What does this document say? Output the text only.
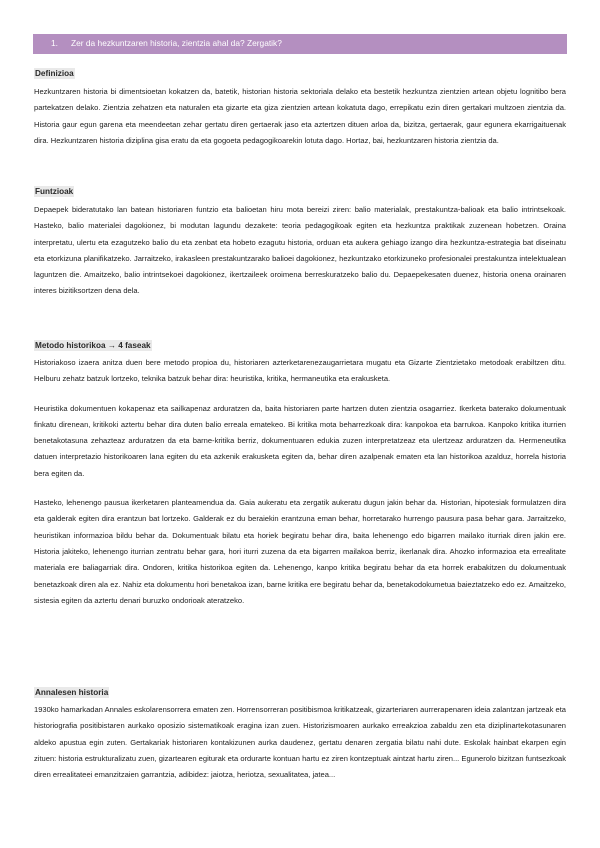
1. Zer da hezkuntzaren historia, zientzia ahal da? Zergatik?
Definizioa

Hezkuntzaren historia bi dimentsioetan kokatzen da, batetik, historian historia sektoriala delako eta bestetik hezkuntza zientzien artean objetu lognitibo bera partekatzen delako. Zientzia zehatzen eta naturalen eta gizarte eta giza zientzien artean kokatuta dago, errepikatu ezin diren gertakari multzoen zientzia da. Historia gaur egun garena eta meendeetan zehar gertatu diren gertaerak jaso eta aztertzen dituen arloa da, bizitza, gertaerak, gaur egunera ekarrigaituenak dira. Hezkuntzaren historia diziplina gisa eratu da eta gogoeta pedagogikoarekin lotuta dago. Hortaz, bai, hezkuntzaren historia zientzia da.

Funtzioak

Depaepek bideratutako lan batean historiaren funtzio eta balioetan hiru mota bereizi ziren: balio materialak, prestakuntza-balioak eta balio intrintsekoak. Hasteko, balio materialei dagokionez, bi modutan lagundu dezakete: teoria pedagogikoak egiten eta hezkuntza praktikak zuzenean hobetzen. Oraina interpretatu, ulertu eta ezagutzeko balio du eta zenbat eta hobeto ezagutu historia, orduan eta aukera gehiago izango dira hezkuntza-estrategia bat diseinatu eta etorkizuna planifikatzeko. Jarraitzeko, irakasleen prestakuntzarako balioei dagokionez, hezkuntzako etorkizuneko profesionalei prestakuntza intelektualean laguntzen die. Amaitzeko, balio intrintsekoei dagokionez, ikertzaileek oroimena berreskuratzeko balio du. Depaepekesaten duenez, historia onena orainaren interes bizitiksortzen dena dela.

Metodo historikoa → 4 faseak

Historiakoso izaera anitza duen bere metodo propioa du, historiaren azterketarenezaugarrietara mugatu eta Gizarte Zientzietako metodoak erabiltzen ditu. Helburu zehatz batzuk lortzeko, teknika batzuk behar dira: heuristika, kritika, hermaneutika eta erakusketa.

Heuristika dokumentuen kokapenaz eta sailkapenaz arduratzen da, baita historiaren parte hartzen duten zientzia osagarriez. Ikerketa baterako dokumentuak finkatu direnean, kritikoki aztertu behar dira duten balio erreala ematekeo. Bi kritika mota beharrezkoak dira: kanpokoa eta barrukoa. Kanpoko kritika iturrien benetakotasuna zehazteaz arduratzen da eta barne-kritika berriz, dokumentuaren edukia zuzen interpretatzeaz eta ulertzeaz arduratzen da. Hermeneutika datuen interpretazio historikoaren lana egiten du eta azkenik erakusketa egiten da, behar diren azalpenak ematen eta lan historikoa azalduz, horrela historia bera egiten da.

Hasteko, lehenengo pausua ikerketaren planteamendua da. Gaia aukeratu eta zergatik aukeratu dugun jakin behar da. Historian, hipotesiak formulatzen dira eta galderak egiten dira erantzun bat lortzeko. Galderak ez du beraiekin erantzuna eman behar, horretarako hurrengo pausura pasa behar gara. Jarraitzeko, heuristikan informazioa bildu behar da. Dokumentuak bilatu eta horiek begiratu behar dira, baita lehenengo edo bigarren mailako iturriak diren jakin ere. Historia jakiteko, lehenengo iturrian zentratu behar gara, hori iturri zuzena da eta bigarren mailakoa berriz, ikerlanak dira. Ahozko informazioa eta errealitate materiala ere baliagarriak dira. Ondoren, kritika historikoa egiten da. Lehenengo, kanpo kritika begiratu behar da eta horrek erabakitzen du dokumentuak benetazkoak diren ala ez. Nahiz eta dokumentu hori benetakoa izan, barne kritika ere begiratu behar da, benetakodokumetua baieztatzeko edo ez. Amaitzeko, sistesia egiten da aztertu denari buruzko ondorioak ateratzeko.

Annalesen historia

1930ko hamarkadan Annales eskolarensorrera ematen zen. Horrensorreran positibismoa kritikatzeak, gizarteriaren aurrerapenaren ideia zalantzan jartzeak eta historiografia positibistaren aurkako oposizio sistematikoak eragina izan zuen. Historizismoaren aurkako erreakzioa zabaldu zen eta diziplinartekotasunaren aldeko apustua egin zuten. Gertakariak historiaren kontakizunen aurka daudenez, gertatu denaren zergatia bilatu nahi dute. Eskolak hainbat ekarpen egin zituen: historia estrukturalizatu zuen, gizartearen egiturak eta ordurarte kontuan hartu ez ziren kontzeptuak aintzat hartu ziren... Egunerolo bizitzan funtsezkoak diren errealitateei emanzitzaien garrantzia, adibidez: jaiotza, heriotza, sexualitatea, jatea...
